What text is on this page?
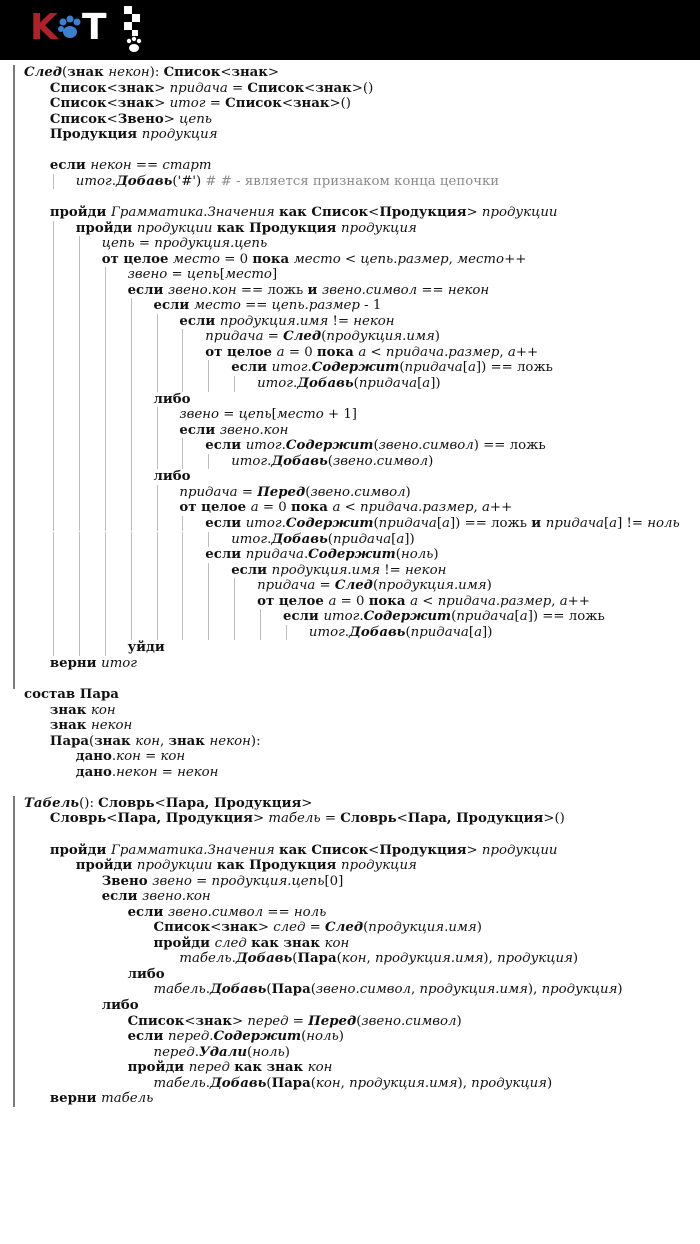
K T
След(знак некон): Список<знак>
Список<знак> придача = Список<знак>()
Список<знак> итог = Список<знак>()
Список<Звено> цепь
Продукция продукция
если некон == старт
итог.Добавь('#') # # - является признаком конца цепочки
пройди Грамматика.Значения как Список<Продукция> продукции
пройди продукции как Продукция продукция
цепь = продукция.цепь
от целое место = 0 пока место < цепь.размер, место++
звено = цепь[место]
если звено.кон == ложь и звено.символ == некон
если место == цепь.размер - 1
если продукция.имя != некон
придача = След(продукция.имя)
от целое а = 0 пока а < придача.размер, а++
если итог.Содержит(придача[а]) == ложь
итог.Добавь(придача[а])
либо
звено = цепь[место + 1]
если звено.кон
если итог.Содержит(звено.символ) == ложь
итог.Добавь(звено.символ)
либо
придача = Перед(звено.символ)
от целое а = 0 пока а < придача.размер, а++
если итог.Содержит(придача[а]) == ложь и придача[а] != ноль
итог.Добавь(придача[а])
если придача.Содержит(ноль)
если продукция.имя != некон
придача = След(продукция.имя)
от целое а = 0 пока а < придача.размер, а++
если итог.Содержит(придача[а]) == ложь
итог.Добавь(придача[а])
уйди
верни итог
состав Пара
знак кон
знак некон
Пара(знак кон, знак некон):
дано.кон = кон
дано.некон = некон
Табель(): Словрь<Пара, Продукция>
Словрь<Пара, Продукция> табель = Словрь<Пара, Продукция>()
пройди Грамматика.Значения как Список<Продукция> продукции
пройди продукции как Продукция продукция
Звено звено = продукция.цепь[0]
если звено.кон
если звено.символ == ноль
Список<знак> след = След(продукция.имя)
пройди след как знак кон
табель.Добавь(Пара(кон, продукция.имя), продукция)
либо
табель.Добавь(Пара(звено.символ, продукция.имя), продукция)
либо
Список<знак> перед = Перед(звено.символ)
если перед.Содержит(ноль)
перед.Удали(ноль)
пройди перед как знак кон
табель.Добавь(Пара(кон, продукция.имя), продукция)
верни табель
